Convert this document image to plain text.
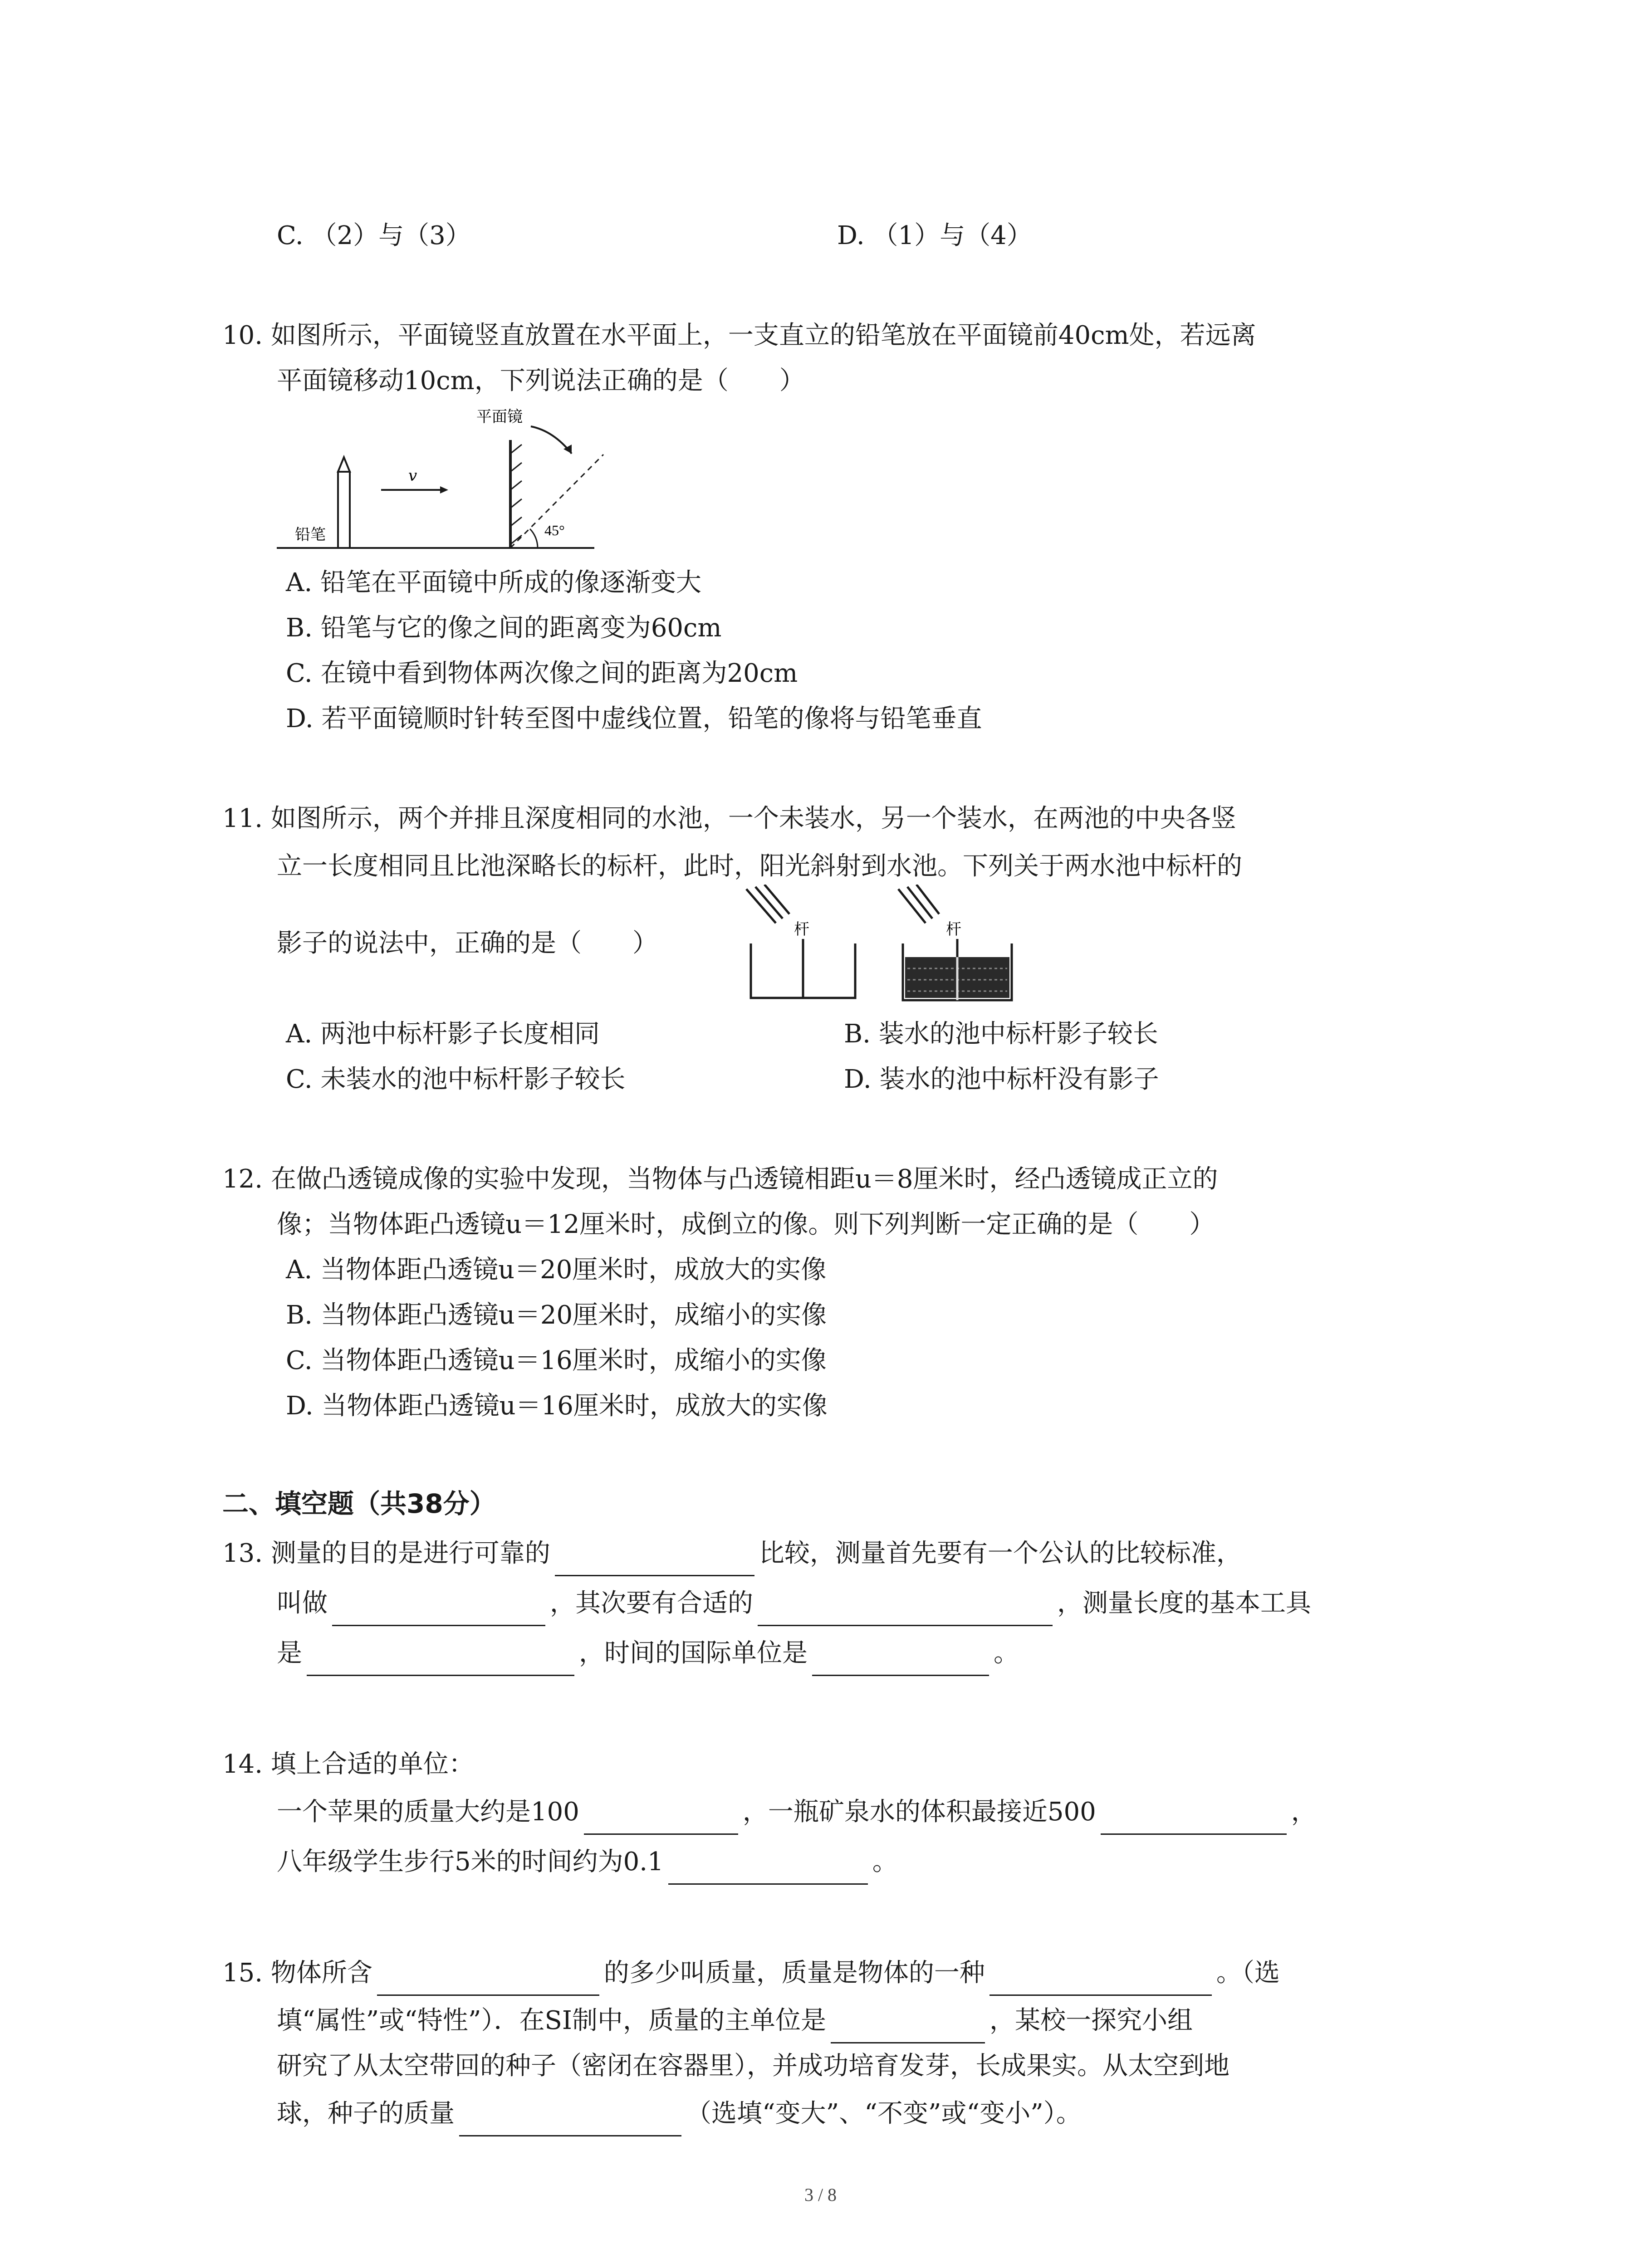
C. （2）与（3）	D. （1）与（4）
10. 如图所示，平面镜竖直放置在水平面上，一支直立的铅笔放在平面镜前40cm处，若远离
平面镜移动10cm，下列说法正确的是（　　）
平面镜
铅笔
v
45°
A. 铅笔在平面镜中所成的像逐渐变大
B. 铅笔与它的像之间的距离变为60cm
C. 在镜中看到物体两次像之间的距离为20cm
D. 若平面镜顺时针转至图中虚线位置，铅笔的像将与铅笔垂直
11. 如图所示，两个并排且深度相同的水池，一个未装水，另一个装水，在两池的中央各竖
立一长度相同且比池深略长的标杆，此时，阳光斜射到水池。下列关于两水池中标杆的
影子的说法中，正确的是（　　）	杆	杆
A. 两池中标杆影子长度相同	B. 装水的池中标杆影子较长
C. 未装水的池中标杆影子较长	D. 装水的池中标杆没有影子
12. 在做凸透镜成像的实验中发现，当物体与凸透镜相距u＝8厘米时，经凸透镜成正立的
像；当物体距凸透镜u＝12厘米时，成倒立的像。则下列判断一定正确的是（　　）
A. 当物体距凸透镜u＝20厘米时，成放大的实像
B. 当物体距凸透镜u＝20厘米时，成缩小的实像
C. 当物体距凸透镜u＝16厘米时，成缩小的实像
D. 当物体距凸透镜u＝16厘米时，成放大的实像
二、填空题（共38分）
13. 测量的目的是进行可靠的	比较，测量首先要有一个公认的比较标准，
叫做	，其次要有合适的	，测量长度的基本工具
是	，时间的国际单位是	。
14. 填上合适的单位：
一个苹果的质量大约是100	，一瓶矿泉水的体积最接近500	，
八年级学生步行5米的时间约为0.1	。
15. 物体所含	的多少叫质量，质量是物体的一种	。（选
填“属性”或“特性”）．在SI制中，质量的主单位是	，某校一探究小组
研究了从太空带回的种子（密闭在容器里），并成功培育发芽，长成果实。从太空到地
球，种子的质量	（选填“变大”、“不变”或“变小”）。
3 / 8
